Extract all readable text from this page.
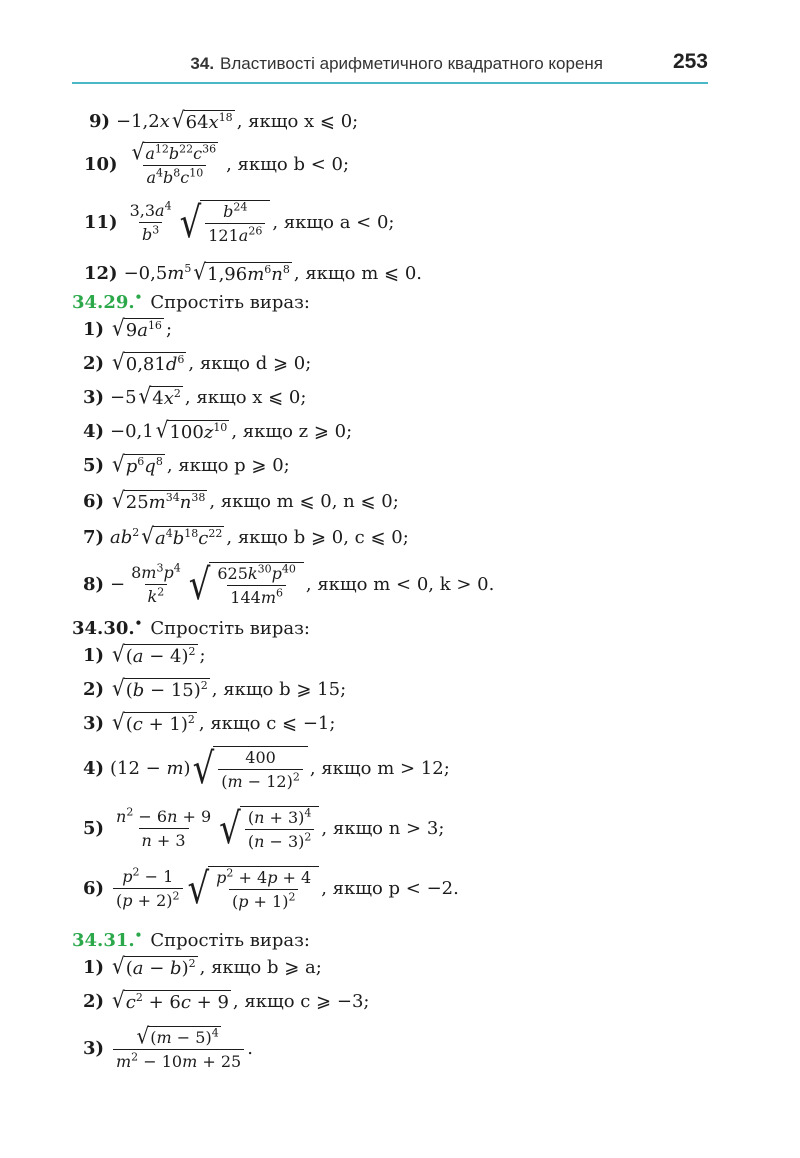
34. Властивості арифметичного квадратного кореня	253
9) −1,2x √ $64x^{18}$ , якщо x ⩽ 0;
$10) \frac{√ a^{12}b^{22}c^{36}}{a^4b^8c^{10}}$ , якщо b < 0;
$11) \frac{3,3a^4}{b^3}$ √ $\frac{b^{24}}{121a^{26}}$ , якщо a < 0;
$12) -0,5m^5$ √ $1,96m^6n^8$ , якщо m ⩽ 0.
34.29.• Спростіть вираз:
1) √ $9a^{16}$ ;
2) √ $0,81d^6$ , якщо d ⩾ 0;
3) −5 √ $4x^2$ , якщо x ⩽ 0;
4) −0,1 √ $100z^{10}$ , якщо z ⩾ 0;
5) √ $p^6q^8$ , якщо p ⩾ 0;
6) √ $25m^{34}n^{38}$ , якщо m ⩽ 0, n ⩽ 0;
7) $ab^2$ √ $a^4b^{18}c^{22}$ , якщо b ⩾ 0, c ⩽ 0;
$8) - \frac{8m^3p^4}{k^2}$ √ $\frac{625k^{30}p^{40}}{144m^6}$ , якщо m < 0, k > 0.
34.30.• Спростіть вираз:
1) √ $(a - 4)^2$ ;
2) √ $(b - 15)^2$ , якщо b ⩾ 15;
3) √ $(c + 1)^2$ , якщо c ⩽ −1;
4) (12 − m) √ $\frac{400}{(m - 12)^2}$ , якщо m > 12;
$5) \frac{n^2 - 6n + 9}{n + 3}$ √ $\frac{(n + 3)^4}{(n - 3)^2}$ , якщо n > 3;
$6) \frac{p^2 - 1}{(p + 2)^2}$ √ $\frac{p^2 + 4p + 4}{(p + 1)^2}$ , якщо p < −2.
34.31.• Спростіть вираз:
1) √ $(a - b)^2$ , якщо b ⩾ a;
2) √ $c^2 + 6c + 9$ , якщо c ⩾ −3;
$3) \frac{√ (m - 5)^4}{m^2 - 10m + 25}$ .
